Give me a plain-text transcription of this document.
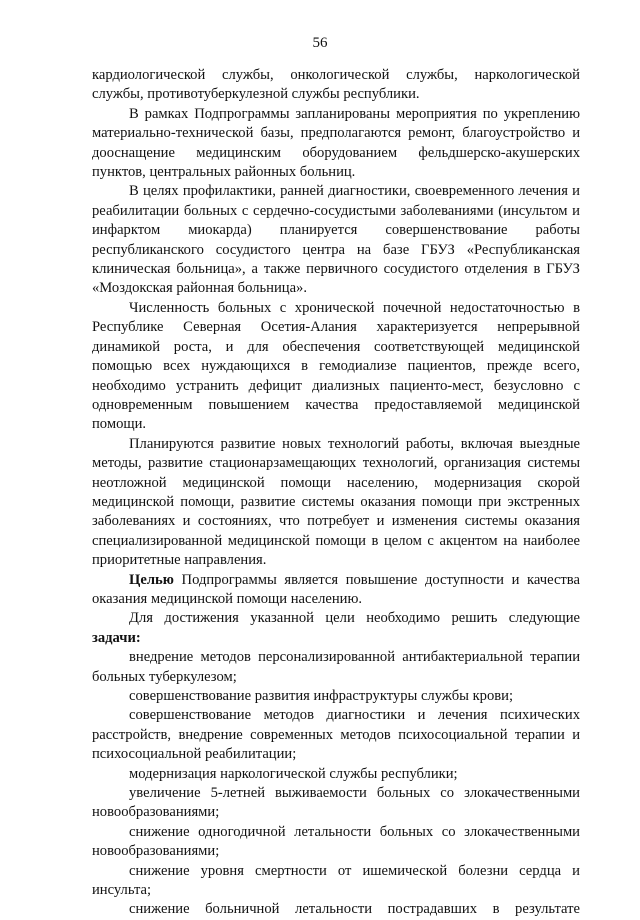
56

кардиологической службы, онкологической службы, наркологической службы, противотуберкулезной службы республики.

В рамках Подпрограммы запланированы мероприятия по укреплению материально-технической базы, предполагаются ремонт, благоустройство и дооснащение медицинским оборудованием фельдшерско-акушерских пунктов, центральных районных больниц.

В целях профилактики, ранней диагностики, своевременного лечения и реабилитации больных с сердечно-сосудистыми заболеваниями (инсультом и инфарктом миокарда) планируется совершенствование работы республиканского сосудистого центра на базе ГБУЗ «Республиканская клиническая больница», а также первичного сосудистого отделения в ГБУЗ «Моздокская районная больница».

Численность больных с хронической почечной недостаточностью в Республике Северная Осетия-Алания характеризуется непрерывной динамикой роста, и для обеспечения соответствующей медицинской помощью всех нуждающихся в гемодиализе пациентов, прежде всего, необходимо устранить дефицит диализных пациенто-мест, безусловно с одновременным повышением качества предоставляемой медицинской помощи.

Планируются развитие новых технологий работы, включая выездные методы, развитие стационарзамещающих технологий, организация системы неотложной медицинской помощи населению, модернизация скорой медицинской помощи, развитие системы оказания помощи при экстренных заболеваниях и состояниях, что потребует и изменения системы оказания специализированной медицинской помощи в целом с акцентом на наиболее приоритетные направления.

Целью Подпрограммы является повышение доступности и качества оказания медицинской помощи населению.

Для достижения указанной цели необходимо решить следующие задачи:

внедрение методов персонализированной антибактериальной терапии больных туберкулезом;

совершенствование развития инфраструктуры службы крови;

совершенствование методов диагностики и лечения психических расстройств, внедрение современных методов психосоциальной терапии и психосоциальной реабилитации;

модернизация наркологической службы республики;

увеличение 5-летней выживаемости больных со злокачественными новообразованиями;

снижение одногодичной летальности больных со злокачественными новообразованиями;

снижение уровня смертности от ишемической болезни сердца и инсульта;

снижение больничной летальности пострадавших в результате
